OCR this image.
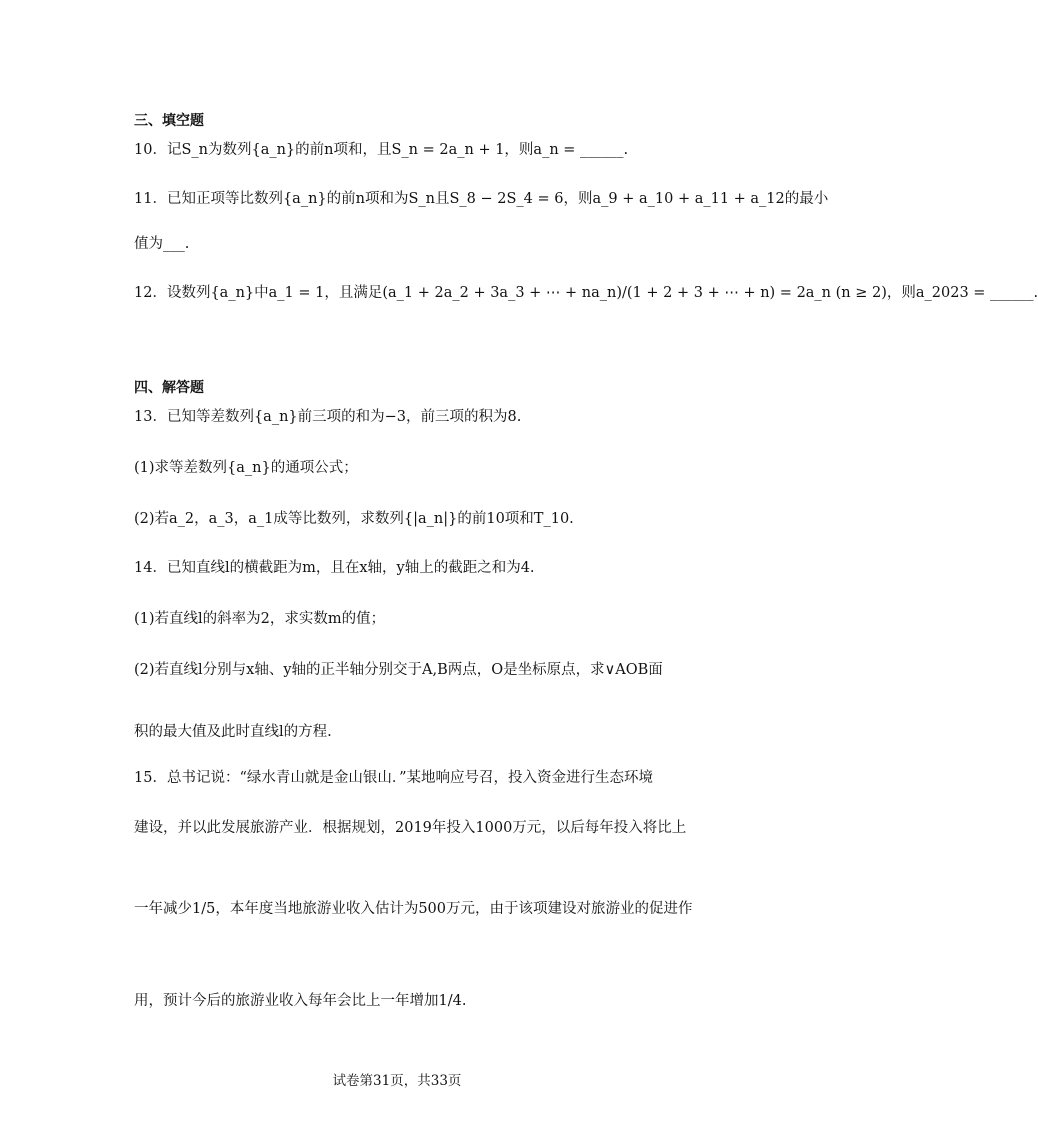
三、填空题
10．记S_n为数列{a_n}的前n项和，且S_n = 2a_n + 1，则a_n = ______.
11．已知正项等比数列{a_n}的前n项和为S_n且S_8 − 2S_4 = 6，则a_9 + a_10 + a_11 + a_12的最小
值为___.
12．设数列{a_n}中a_1 = 1，且满足(a_1 + 2a_2 + 3a_3 + ⋯ + na_n)/(1 + 2 + 3 + ⋯ + n) = 2a_n (n ≥ 2)，则a_2023 = ______.
四、解答题
13．已知等差数列{a_n}前三项的和为−3，前三项的积为8.
(1)求等差数列{a_n}的通项公式；
(2)若a_2，a_3，a_1成等比数列，求数列{|a_n|}的前10项和T_10.
14．已知直线l的横截距为m，且在x轴，y轴上的截距之和为4.
(1)若直线l的斜率为2，求实数m的值；
(2)若直线l分别与x轴、y轴的正半轴分别交于A,B两点，O是坐标原点，求∨AOB面
积的最大值及此时直线l的方程.
15．总书记说：“绿水青山就是金山银山．”某地响应号召，投入资金进行生态环境
建设，并以此发展旅游产业．根据规划，2019年投入1000万元，以后每年投入将比上
一年减少1/5，本年度当地旅游业收入估计为500万元，由于该项建设对旅游业的促进作
用，预计今后的旅游业收入每年会比上一年增加1/4.
试卷第31页，共33页
